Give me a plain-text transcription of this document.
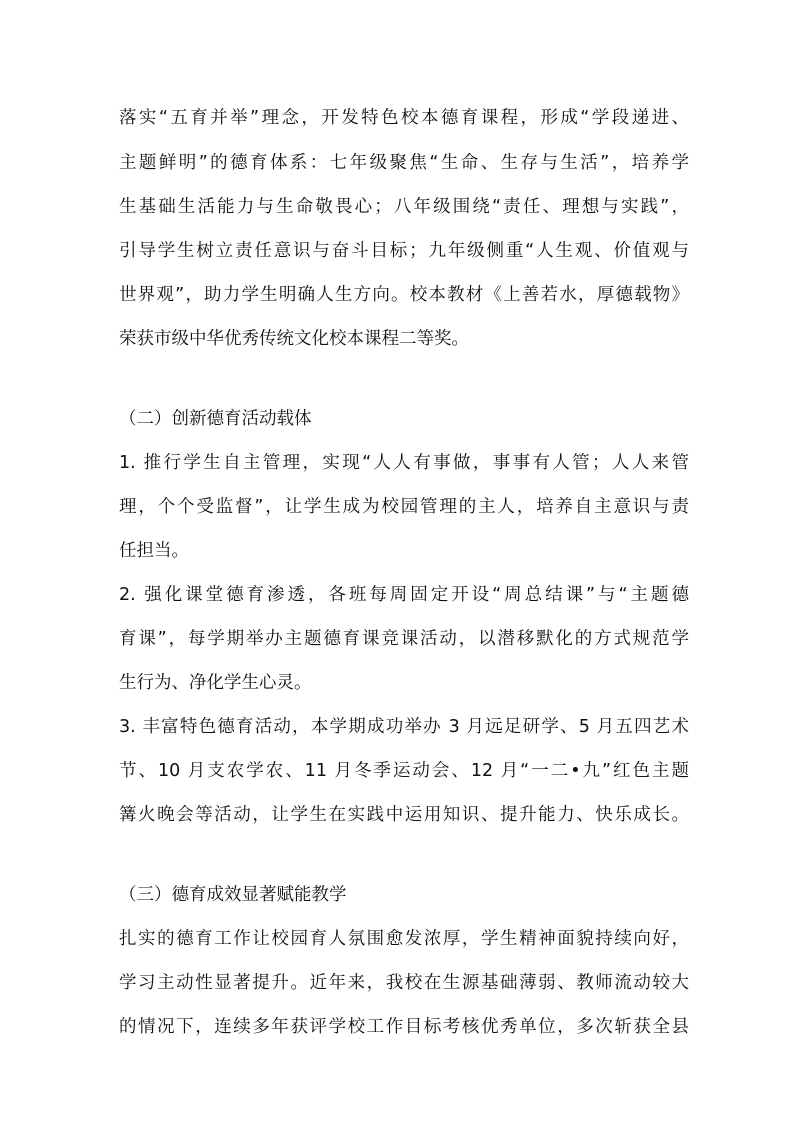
落实“五育并举”理念，开发特色校本德育课程，形成“学段递进、
主题鲜明”的德育体系：七年级聚焦“生命、生存与生活”，培养学
生基础生活能力与生命敬畏心；八年级围绕“责任、理想与实践”，
引导学生树立责任意识与奋斗目标；九年级侧重“人生观、价值观与
世界观”，助力学生明确人生方向。校本教材《上善若水，厚德载物》
荣获市级中华优秀传统文化校本课程二等奖。
（二）创新德育活动载体
1. 推行学生自主管理，实现“人人有事做，事事有人管；人人来管
理，个个受监督”，让学生成为校园管理的主人，培养自主意识与责
任担当。
2. 强化课堂德育渗透，各班每周固定开设“周总结课”与“主题德
育课”，每学期举办主题德育课竞课活动，以潜移默化的方式规范学
生行为、净化学生心灵。
3. 丰富特色德育活动，本学期成功举办 3 月远足研学、5 月五四艺术
节、10 月支农学农、11 月冬季运动会、12 月“一二•九”红色主题
篝火晚会等活动，让学生在实践中运用知识、提升能力、快乐成长。
（三）德育成效显著赋能教学
扎实的德育工作让校园育人氛围愈发浓厚，学生精神面貌持续向好，
学习主动性显著提升。近年来，我校在生源基础薄弱、教师流动较大
的情况下，连续多年获评学校工作目标考核优秀单位，多次斩获全县
